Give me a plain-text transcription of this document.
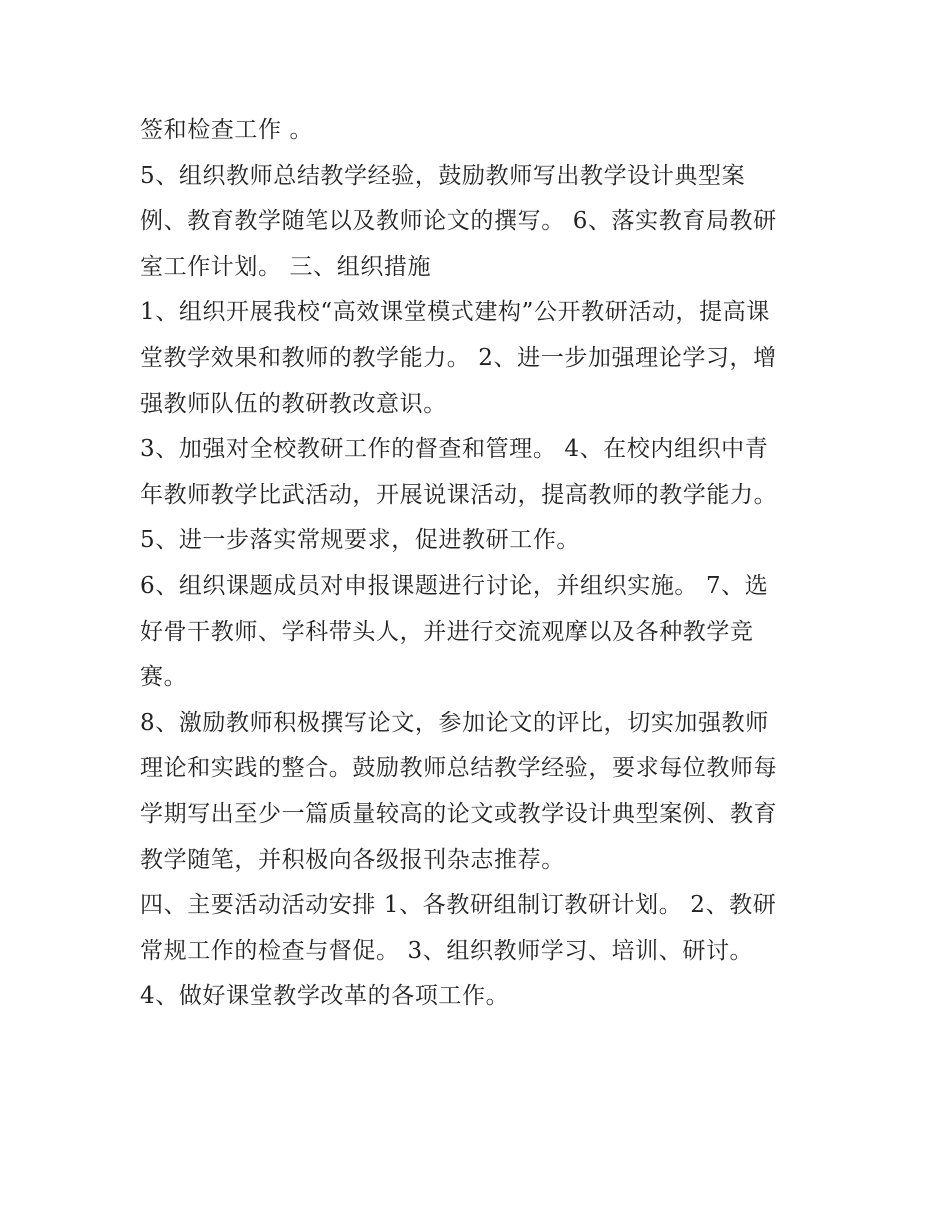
签和检查工作 。
5、组织教师总结教学经验，鼓励教师写出教学设计典型案
例、教育教学随笔以及教师论文的撰写。 6、落实教育局教研
室工作计划。 三、组织措施
1、组织开展我校“高效课堂模式建构”公开教研活动，提高课
堂教学效果和教师的教学能力。 2、进一步加强理论学习，增
强教师队伍的教研教改意识。
3、加强对全校教研工作的督查和管理。 4、在校内组织中青
年教师教学比武活动，开展说课活动，提高教师的教学能力。
5、进一步落实常规要求，促进教研工作。
6、组织课题成员对申报课题进行讨论，并组织实施。 7、选
好骨干教师、学科带头人，并进行交流观摩以及各种教学竞
赛。
8、激励教师积极撰写论文，参加论文的评比，切实加强教师
理论和实践的整合。鼓励教师总结教学经验，要求每位教师每
学期写出至少一篇质量较高的论文或教学设计典型案例、教育
教学随笔，并积极向各级报刊杂志推荐。
四、主要活动活动安排 1、各教研组制订教研计划。 2、教研
常规工作的检查与督促。 3、组织教师学习、培训、研讨。
4、做好课堂教学改革的各项工作。
